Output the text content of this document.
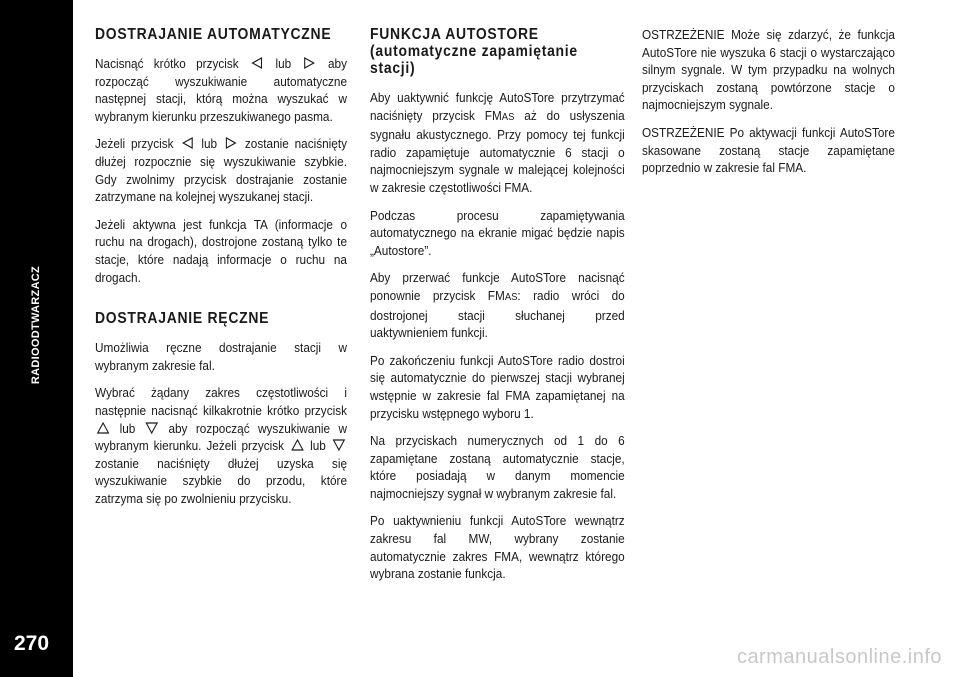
RADIOODTWARZACZ
270
DOSTRAJANIE AUTOMATYCZNE

Nacisnąć krótko przycisk	lub	aby rozpocząć wyszukiwanie automatyczne następnej stacji, którą można wyszukać w wybranym kierunku przeszukiwanego pasma.

Jeżeli przycisk lub zostanie naciśnięty dłużej rozpocznie się wyszukiwanie szybkie. Gdy zwolnimy przycisk dostrajanie zostanie zatrzymane na kolejnej wyszukanej stacji.

Jeżeli aktywna jest funkcja TA (informacje o ruchu na drogach), dostrojone zostaną tylko te stacje, które nadają informacje o ruchu na drogach.

DOSTRAJANIE RĘCZNE

Umożliwia ręczne dostrajanie stacji w wybranym zakresie fal.

Wybrać żądany zakres częstotliwości i następnie nacisnąć kilkakrotnie krótko przycisk
lub	aby rozpocząć wyszukiwanie w wybranym kierunku. Jeżeli przycisk lub
zostanie naciśnięty dłużej uzyska się wyszukiwanie szybkie do przodu, które zatrzyma się po zwolnieniu przycisku.

FUNKCJA AUTOSTORE (automatyczne zapamiętanie stacji)

Aby uaktywnić funkcję AutoSTore przytrzymać naciśnięty przycisk FMAS aż do usłyszenia sygnału akustycznego. Przy pomocy tej funkcji radio zapamiętuje automatycznie 6 stacji o najmocniejszym sygnale w malejącej kolejności w zakresie częstotliwości FMA.

Podczas procesu zapamiętywania automatycznego na ekranie migać będzie napis „Autostore”.

Aby przerwać funkcje AutoSTore nacisnąć ponownie przycisk FMAS: radio wróci do dostrojonej stacji słuchanej przed uaktywnieniem funkcji.

Po zakończeniu funkcji AutoSTore radio dostroi się automatycznie do pierwszej stacji wybranej wstępnie w zakresie fal FMA zapamiętanej na przycisku wstępnego wyboru 1.

Na przyciskach numerycznych od 1 do 6 zapamiętane zostaną automatycznie stacje, które posiadają w danym momencie najmocniejszy sygnał w wybranym zakresie fal.

Po uaktywnieniu funkcji AutoSTore wewnątrz zakresu fal MW, wybrany zostanie automatycznie zakres FMA, wewnątrz którego wybrana zostanie funkcja.

OSTRZEŻENIE Może się zdarzyć, że funkcja AutoSTore nie wyszuka 6 stacji o wystarczająco silnym sygnale. W tym przypadku na wolnych przyciskach zostaną powtórzone stacje o najmocniejszym sygnale.

OSTRZEŻENIE Po aktywacji funkcji AutoSTore skasowane zostaną stacje zapamiętane poprzednio w zakresie fal FMA.

carmanualsonline.info
